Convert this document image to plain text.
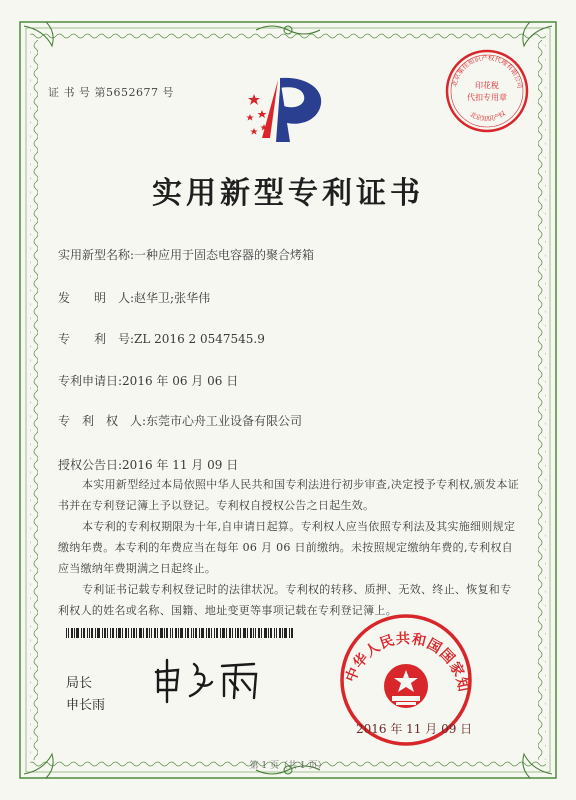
证 书 号 第5652677 号
印花税
代扣专用章
北京集佳知识产权代理有限公司
北京知识产权
实用新型专利证书
实用新型名称:一种应用于固态电容器的聚合烤箱
发　　明　人:赵华卫;张华伟
专　　利　号:ZL 2016 2 0547545.9
专利申请日:2016 年 06 月 06 日
专　利　权　人:东莞市心舟工业设备有限公司
授权公告日:2016 年 11 月 09 日

本实用新型经过本局依照中华人民共和国专利法进行初步审查,决定授予专利权,颁发本证书并在专利登记簿上予以登记。专利权自授权公告之日起生效。

本专利的专利权期限为十年,自申请日起算。专利权人应当依照专利法及其实施细则规定缴纳年费。本专利的年费应当在每年 06 月 06 日前缴纳。未按照规定缴纳年费的,专利权自应当缴纳年费期满之日起终止。

专利证书记载专利权登记时的法律状况。专利权的转移、质押、无效、终止、恢复和专利权人的姓名或名称、国籍、地址变更等事项记载在专利登记簿上。

局长
申长雨
中华人民共和国国家知
2016 年 11 月 09 日
第 1 页（共 1 页）
